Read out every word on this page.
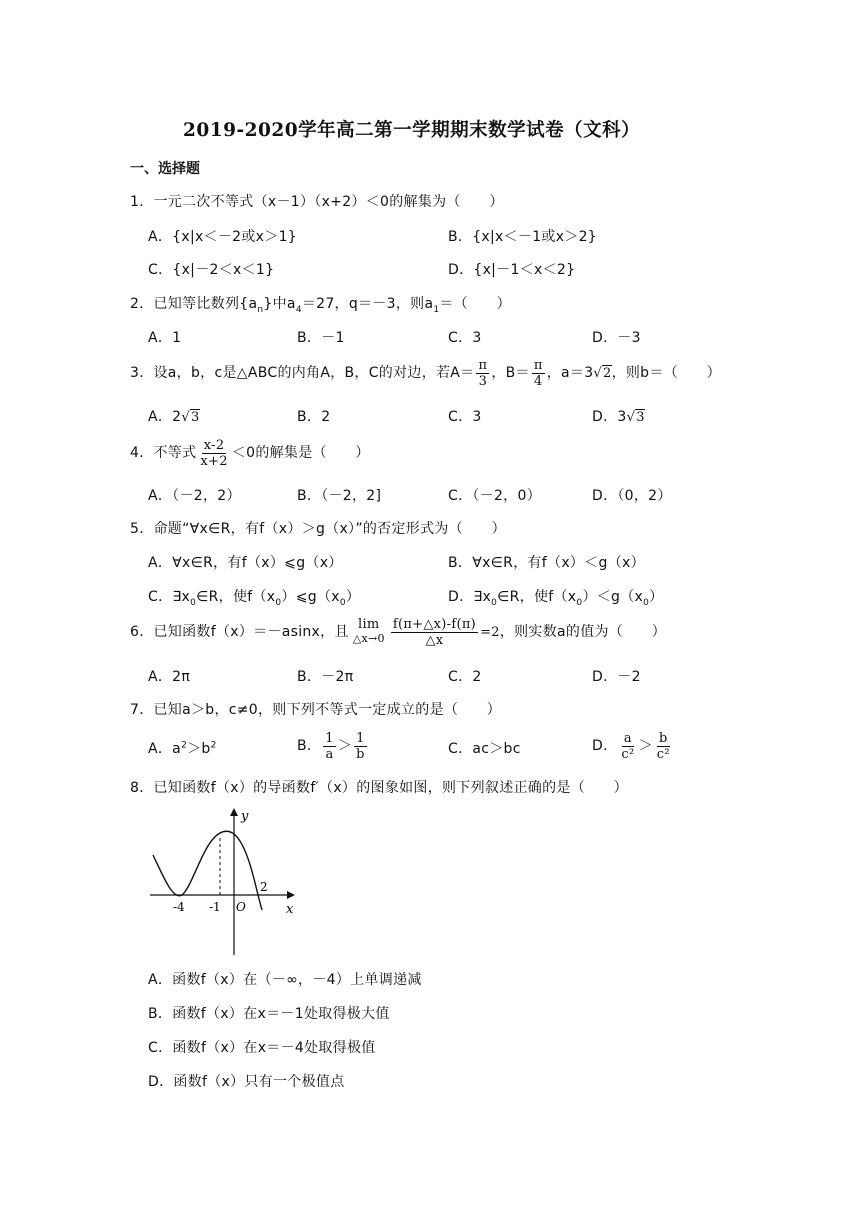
2019-2020学年高二第一学期期末数学试卷（文科）
一、选择题
1．一元二次不等式（x－1）（x+2）＜0的解集为（　　）
A．{x|x＜－2或x＞1}	B．{x|x＜－1或x＞2}
C．{x|－2＜x＜1}	D．{x|－1＜x＜2}
2．已知等比数列$\{a_n\}$中$a_4=27$，q＝－3，则$a_1=$（　　）
A．1	B．－1	C．3	D．－3
3．设a，b，c是△ABC的内角A，B，C的对边，若$A= \frac{\pi}{3}$ ，$B= \frac{\pi}{4}$ ，a＝3√2，则b＝（　　）
A．2√3	B．2	C．3	D．3√3
4．不等式 $\frac{x-2}{x+2} <0$的解集是（　　）
A．（－2，2）	B．（－2，2]	C．（－2，0）	D．（0，2）
5．命题“∀x∈R，有f（x）＞g（x）”的否定形式为（　　）
A．∀x∈R，有f（x）⩽g（x）	B．∀x∈R，有f（x）＜g（x）
C．$\exists x_0\in R$，使$f(x_0)⩽g(x_0)$	D．$\exists x_0\in R$，使$f(x_0)<g(x_0)$
6．已知函数f（x）＝－asinx，且 lim
△x→0 $\frac{f(\pi+\triangle x)-f(\pi)}{\triangle x} =2$，则实数a的值为（　　）
A．2π	B．－2π	C．2	D．－2
7．已知a＞b，c≠0，则下列不等式一定成立的是（　　）
A．$a^2>b^2$	B． $\frac{1}{a} > \frac{1}{b}$	C．ac＞bc	D． $\frac{a}{\text{c²}} > \frac{b}{\text{c²}}$
8．已知函数f（x）的导函数f′（x）的图象如图，则下列叙述正确的是（　　）
y
x
O
-4 -1
2
A．函数f（x）在（－∞，－4）上单调递减
B．函数f（x）在x＝－1处取得极大值
C．函数f（x）在x＝－4处取得极值
D．函数f（x）只有一个极值点
